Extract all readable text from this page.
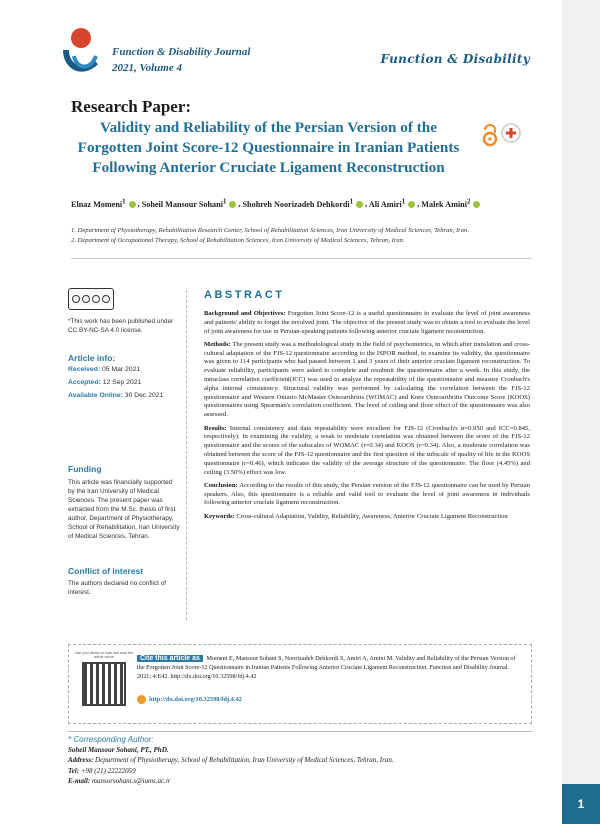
1
Function & Disability Journal
2021, Volume 4
Function & Disability
Research Paper:
Validity and Reliability of the Persian Version of the Forgotten Joint Score-12 Questionnaire in Iranian Patients Following Anterior Cruciate Ligament Reconstruction
Elnaz Momeni$^1$ , Soheil Mansour Sohani$^1$ , Shohreh Noorizadeh Dehkordi$^1$ , Ali Amiri$^1$ , Malek Amini$^2$
1. Department of Physiotherapy, Rehabilitation Research Center, School of Rehabilitation Sciences, Iran University of Medical Sciences, Tehran, Iran.
2. Department of Occupational Therapy, School of Rehabilitation Sciences, Iran University of Medical Sciences, Tehran, Iran.
*This work has been published under CC BY-NC-SA 4.0 license.
Article info:
Received: 05 Mar 2021
Accepted: 12 Sep 2021
Available Online: 30 Dec 2021
Funding

This article was financially supported by the Iran University of Medical Sciences. The present paper was extracted from the M.Sc. thesis of first author, Department of Physiotherapy, School of Rehabilitation, Iran University of Medical Sciences, Tehran.

Conflict of interest

The authors declared no conflict of interest.

ABSTRACT

Background and Objectives: Forgotten Joint Score-12 is a useful questionnaire to evaluate the level of joint awareness and patients' ability to forget the involved joint. The objective of the present study was to obtain a tool to evaluate the level of joint awareness for use in Persian-speaking patients following anterior cruciate ligament reconstruction.

Methods: The present study was a methodological study in the field of psychometrics, in which after translation and cross-cultural adaptation of the FJS-12 questionnaire according to the ISPOR method, to examine its validity, the questionnaire was given to 114 participants who had passed between 1 and 3 years of their anterior cruciate ligament reconstruction. To evaluate reliability, participants were asked to complete and resubmit the questionnaire after a week. In this study, the intraclass correlation coefficient(ICC) was used to analyze the repeatability of the questionnaire and measure Cronbach's alpha internal consistency. Structural validity was performed by calculating the correlation between the FJS-12 questionnaire and Western Ontario McMaster Osteoarthritis (WOMAC) and Knee Osteoarthritis Outcome Score (KOOS) questionnaires using Spearman's correlation coefficient. The level of ceiling and floor effect of the questionnaire was also assessed.

Results: Internal consistency and data repeatability were excellent for FJS-12 (Cronbach's α=0.950 and ICC=0.845, respectively). In examining the validity, a weak to moderate correlation was obtained between the score of the FJS-12 questionnaire and the scores of the subscales of WOMAC (r=0.34) and KOOS (r=0.34). Also, a moderate correlation was obtained between the score of the FJS-12 questionnaire and the first question of the subscale of quality of life in the KOOS questionnaire (r=0.46), which indicates the validity of the average structure of the questionnaire. The floor (4.45%) and ceiling (3.50%) effect was low.

Conclusion: According to the results of this study, the Persian version of the FJS-12 questionnaire can be used by Persian speakers. Also, this questionnaire is a reliable and valid tool to evaluate the level of joint awareness in individuals following anterior cruciate ligament reconstruction.

Keywords: Cross-cultural Adaptation, Validity, Reliability, Awareness, Anterior Cruciate Ligament Reconstruction

Use your device to scan and read the article online	Cite this article as Momeni E, Mansour Sohani S, Noorizadeh Dehkordi S, Amiri A, Amini M. Validity and Reliability of the Persian Version of the Forgotten Joint Score-12 Questionnaire in Iranian Patients Following Anterior Cruciate Ligament Reconstruction. Function and Disability Journal. 2021; 4:E42. http://dx.doi.org/10.32598/fdj.4.42
http://dx.doi.org/10.32598/fdj.4.42
* Corresponding Author:
Soheil Mansour Sohani, PT., PhD.
Address: Department of Physiotherapy, School of Rehabilitation, Iran University of Medical Sciences, Tehran, Iran.
Tel: +98 (21) 22222059
E-mail: mansorsohani.s@iums.ac.ir
